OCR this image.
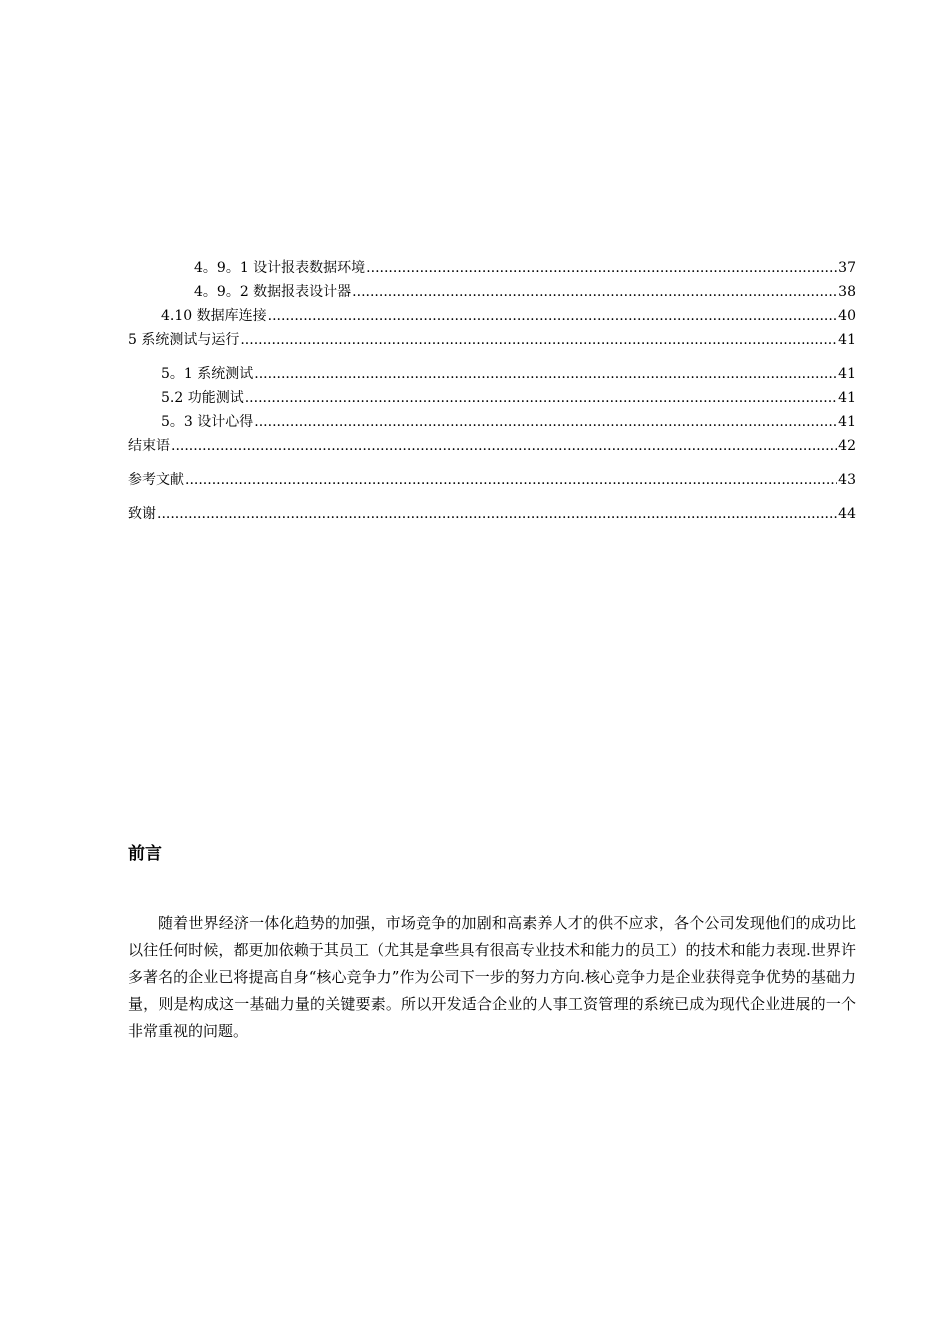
4。9。1 设计报表数据环境 .....	37
4。9。2 数据报表设计器 .....	38
4.10 数据库连接 .....	40
5 系统测试与运行 .....	41
5。1 系统测试 .....	41
5.2 功能测试 .....	41
5。3 设计心得 .....	41
结束语 .....	42
参考文献 .....	43
致谢 .....	44
前言

随着世界经济一体化趋势的加强，市场竞争的加剧和高素养人才的供不应求，各个公司发现他们的成功比以往任何时候，都更加依赖于其员工（尤其是拿些具有很高专业技术和能力的员工）的技术和能力表现.世界许多著名的企业已将提高自身“核心竞争力”作为公司下一步的努力方向.核心竞争力是企业获得竞争优势的基础力量，则是构成这一基础力量的关键要素。所以开发适合企业的人事工资管理的系统已成为现代企业进展的一个非常重视的问题。
